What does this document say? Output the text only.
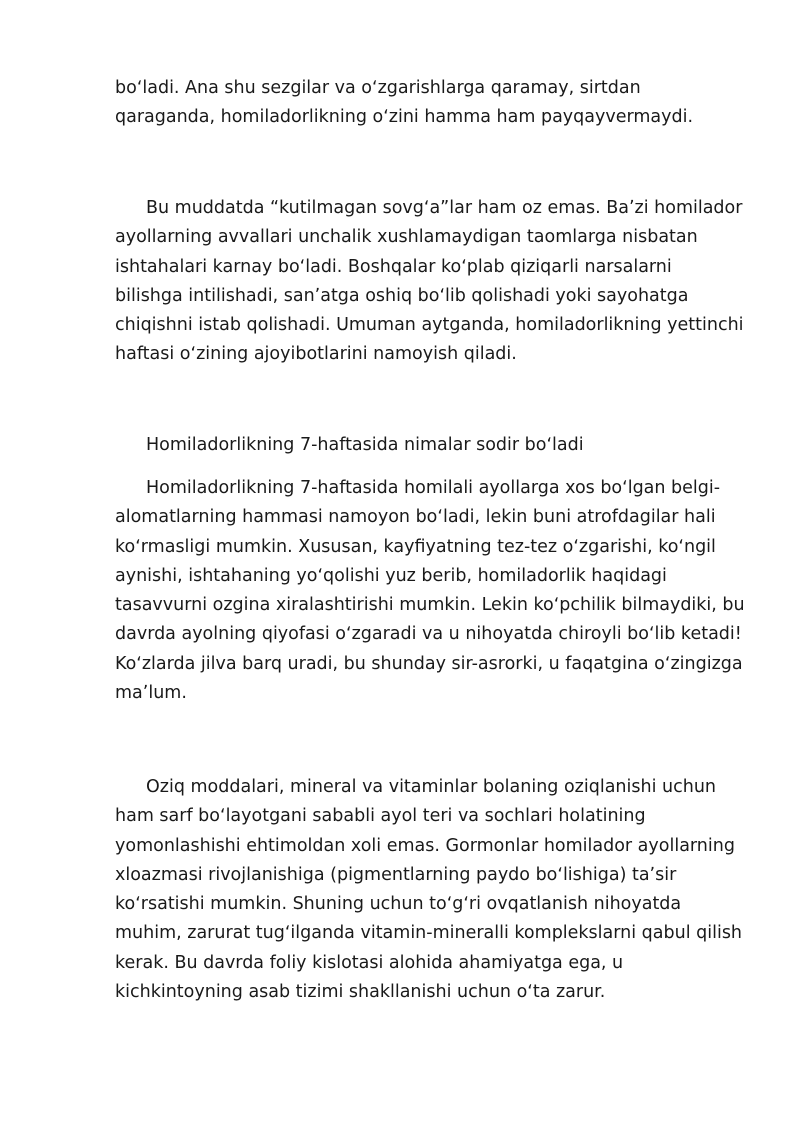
boʻladi. Ana shu sezgilar va oʻzgarishlarga qaramay, sirtdan qaraganda, homiladorlikning oʻzini hamma ham payqayvermaydi.

Bu muddatda “kutilmagan sovgʻa”lar ham oz emas. Baʼzi homilador ayollarning avvallari unchalik xushlamaydigan taomlarga nisbatan ishtahalari karnay boʻladi. Boshqalar koʻplab qiziqarli narsalarni bilishga intilishadi, sanʼatga oshiq boʻlib qolishadi yoki sayohatga chiqishni istab qolishadi. Umuman aytganda, homiladorlikning yettinchi haftasi oʻzining ajoyibotlarini namoyish qiladi.

Homiladorlikning 7-haftasida nimalar sodir boʻladi

Homiladorlikning 7-haftasida homilali ayollarga xos boʻlgan belgi-alomatlarning hammasi namoyon boʻladi, lekin buni atrofdagilar hali koʻrmasligi mumkin. Xususan, kayfiyatning tez-tez oʻzgarishi, koʻngil aynishi, ishtahaning yoʻqolishi yuz berib, homiladorlik haqidagi tasavvurni ozgina xiralashtirishi mumkin. Lekin koʻpchilik bilmaydiki, bu davrda ayolning qiyofasi oʻzgaradi va u nihoyatda chiroyli boʻlib ketadi! Koʻzlarda jilva barq uradi, bu shunday sir-asrorki, u faqatgina oʻzingizga maʼlum.

Oziq moddalari, mineral va vitaminlar bolaning oziqlanishi uchun ham sarf boʻlayotgani sababli ayol teri va sochlari holatining yomonlashishi ehtimoldan xoli emas. Gormonlar homilador ayollarning xloazmasi rivojlanishiga (pigmentlarning paydo boʻlishiga) taʼsir koʻrsatishi mumkin. Shuning uchun toʻgʻri ovqatlanish nihoyatda muhim, zarurat tugʻilganda vitamin-mineralli komplekslarni qabul qilish kerak. Bu davrda foliy kislotasi alohida ahamiyatga ega, u kichkintoyning asab tizimi shakllanishi uchun oʻta zarur.
